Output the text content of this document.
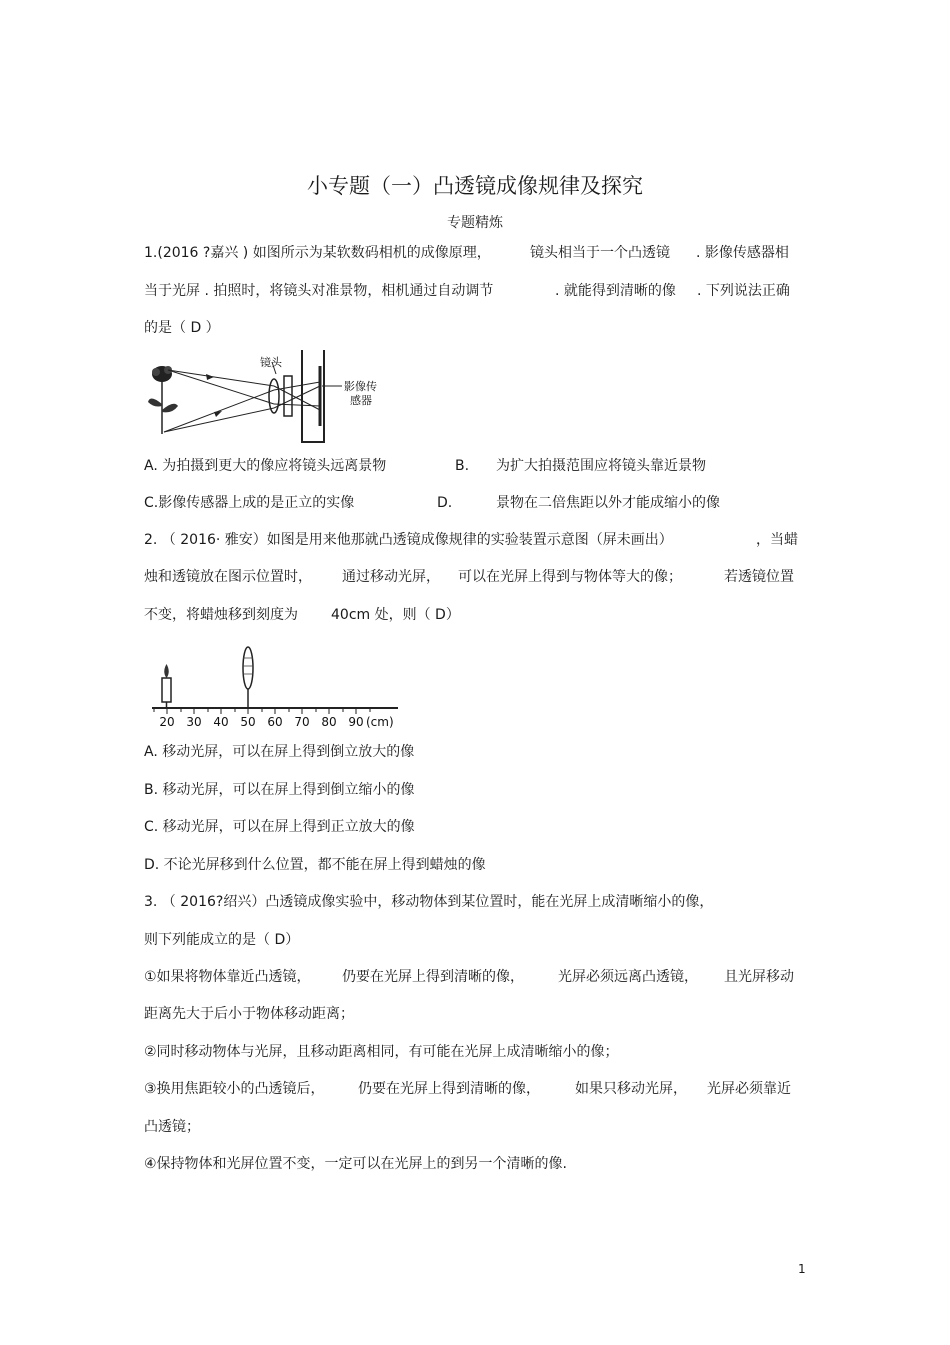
小专题（一）凸透镜成像规律及探究
专题精炼
1.(2016 ?嘉兴 ) 如图所示为某软数码相机的成像原理，	镜头相当于一个凸透镜 . 影像传感器相
当于光屏 . 拍照时，将镜头对准景物，相机通过自动调节	. 就能得到清晰的像 . 下列说法正确
的是（ D ）
镜头
影像传
感器
A. 为拍摄到更大的像应将镜头远离景物	B. 为扩大拍摄范围应将镜头靠近景物
C.影像传感器上成的是正立的实像	D.	景物在二倍焦距以外才能成缩小的像
2. （ 2016· 雅安）如图是用来他那就凸透镜成像规律的实验装置示意图（屏未画出）	，当蜡
烛和透镜放在图示位置时， 通过移动光屏， 可以在光屏上得到与物体等大的像；	若透镜位置
不变，将蜡烛移到刻度为 40cm 处，则（ D）
20 30 40 50 60 70 80 90 (cm)
A. 移动光屏，可以在屏上得到倒立放大的像
B. 移动光屏，可以在屏上得到倒立缩小的像
C. 移动光屏，可以在屏上得到正立放大的像
D. 不论光屏移到什么位置，都不能在屏上得到蜡烛的像
3. （ 2016?绍兴）凸透镜成像实验中，移动物体到某位置时，能在光屏上成清晰缩小的像，
则下列能成立的是（ D）
①如果将物体靠近凸透镜， 仍要在光屏上得到清晰的像， 光屏必须远离凸透镜， 且光屏移动
距离先大于后小于物体移动距离；
②同时移动物体与光屏，且移动距离相同，有可能在光屏上成清晰缩小的像；
③换用焦距较小的凸透镜后， 仍要在光屏上得到清晰的像，	如果只移动光屏， 光屏必须靠近
凸透镜；
④保持物体和光屏位置不变，一定可以在光屏上的到另一个清晰的像.
1
